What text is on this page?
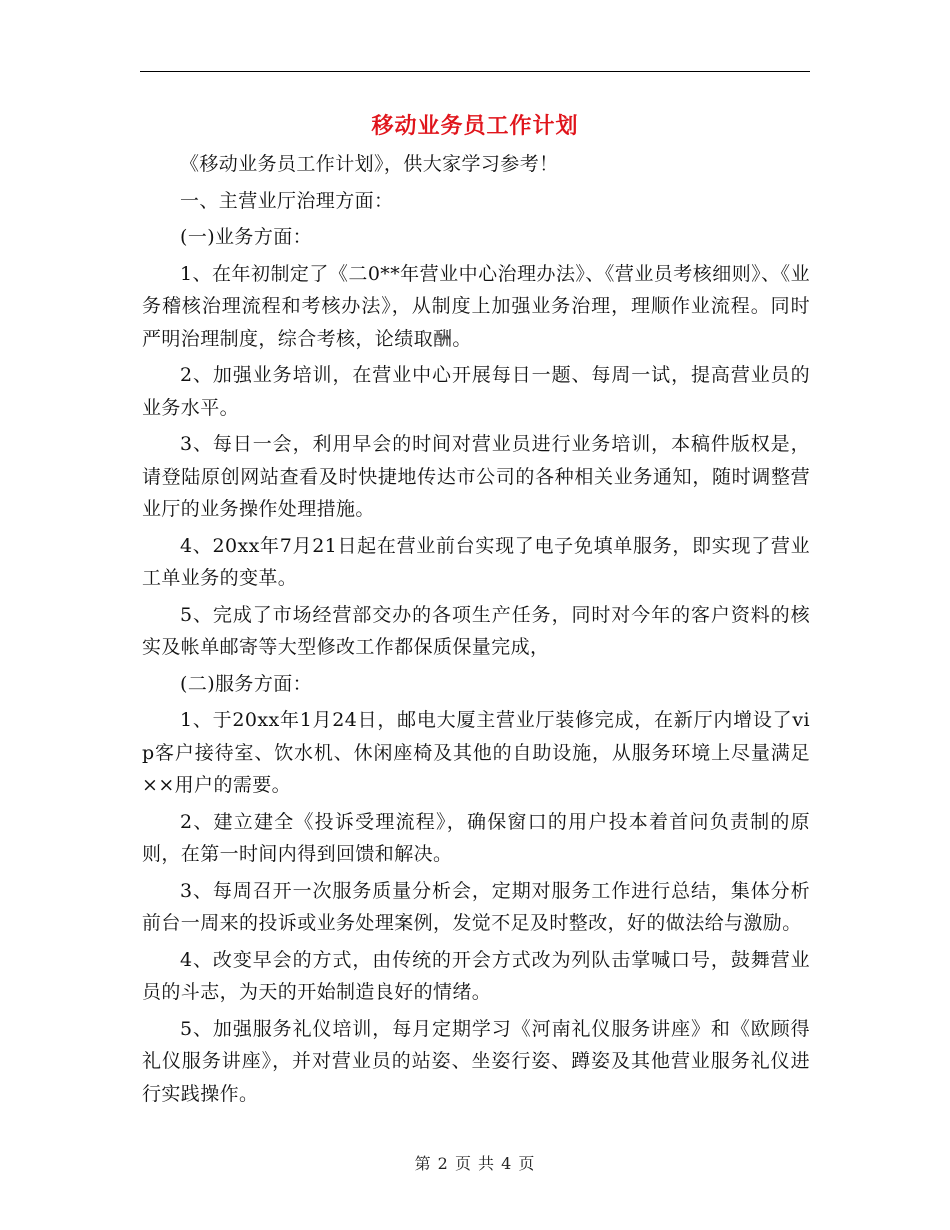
移动业务员工作计划

《移动业务员工作计划》，供大家学习参考！

一、主营业厅治理方面：

(一)业务方面：

1、在年初制定了《二0**年营业中心治理办法》、《营业员考核细则》、《业务稽核治理流程和考核办法》，从制度上加强业务治理，理顺作业流程。同时严明治理制度，综合考核，论绩取酬。

2、加强业务培训，在营业中心开展每日一题、每周一试，提高营业员的业务水平。

3、每日一会，利用早会的时间对营业员进行业务培训，本稿件版权是，请登陆原创网站查看及时快捷地传达市公司的各种相关业务通知，随时调整营业厅的业务操作处理措施。

4、20xx年7月21日起在营业前台实现了电子免填单服务，即实现了营业工单业务的变革。

5、完成了市场经营部交办的各项生产任务，同时对今年的客户资料的核实及帐单邮寄等大型修改工作都保质保量完成，

(二)服务方面：

1、于20xx年1月24日，邮电大厦主营业厅装修完成，在新厅内增设了vip客户接待室、饮水机、休闲座椅及其他的自助设施，从服务环境上尽量满足××用户的需要。

2、建立建全《投诉受理流程》，确保窗口的用户投本着首问负责制的原则，在第一时间内得到回馈和解决。

3、每周召开一次服务质量分析会，定期对服务工作进行总结，集体分析前台一周来的投诉或业务处理案例，发觉不足及时整改，好的做法给与激励。

4、改变早会的方式，由传统的开会方式改为列队击掌喊口号，鼓舞营业员的斗志，为天的开始制造良好的情绪。

5、加强服务礼仪培训，每月定期学习《河南礼仪服务讲座》和《欧顾得礼仪服务讲座》，并对营业员的站姿、坐姿行姿、蹲姿及其他营业服务礼仪进行实践操作。

第 2 页 共 4 页
